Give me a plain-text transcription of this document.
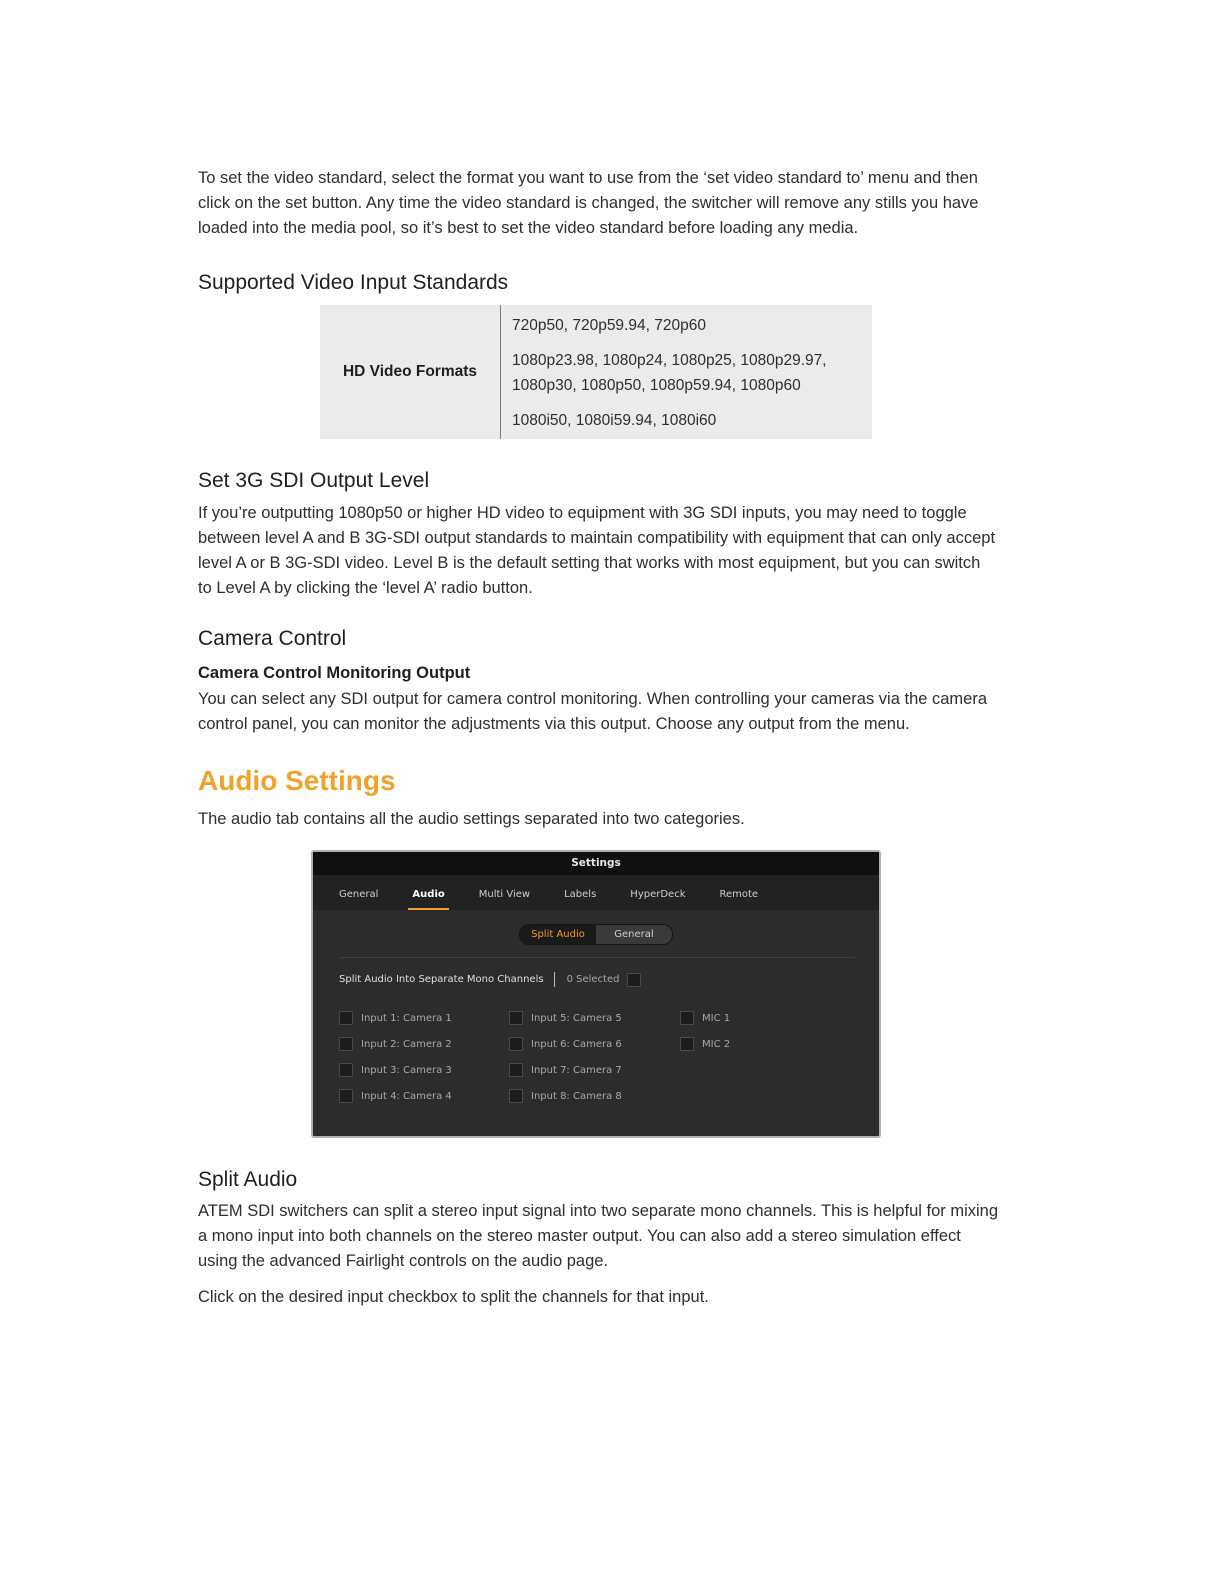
To set the video standard, select the format you want to use from the ‘set video standard to’ menu and then click on the set button. Any time the video standard is changed, the switcher will remove any stills you have loaded into the media pool, so it’s best to set the video standard before loading any media.

Supported Video Input Standards
HD Video Formats
720p50, 720p59.94, 720p60
1080p23.98, 1080p24, 1080p25, 1080p29.97, 1080p30, 1080p50, 1080p59.94, 1080p60
1080i50, 1080i59.94, 1080i60
Set 3G SDI Output Level

If you’re outputting 1080p50 or higher HD video to equipment with 3G SDI inputs, you may need to toggle between level A and B 3G-SDI output standards to maintain compatibility with equipment that can only accept level A or B 3G-SDI video. Level B is the default setting that works with most equipment, but you can switch to Level A by clicking the ‘level A’ radio button.

Camera Control
Camera Control Monitoring Output

You can select any SDI output for camera control monitoring. When controlling your cameras via the camera control panel, you can monitor the adjustments via this output. Choose any output from the menu.

Audio Settings

The audio tab contains all the audio settings separated into two categories.

Settings
General	Audio	Multi View	Labels	HyperDeck	Remote
Split Audio	General
Split Audio Into Separate Mono Channels 0 Selected
Input 1: Camera 1
Input 2: Camera 2
Input 3: Camera 3
Input 4: Camera 4
Input 5: Camera 5
Input 6: Camera 6
Input 7: Camera 7
Input 8: Camera 8
MIC 1
MIC 2
Split Audio

ATEM SDI switchers can split a stereo input signal into two separate mono channels. This is helpful for mixing a mono input into both channels on the stereo master output. You can also add a stereo simulation effect using the advanced Fairlight controls on the audio page.

Click on the desired input checkbox to split the channels for that input.
